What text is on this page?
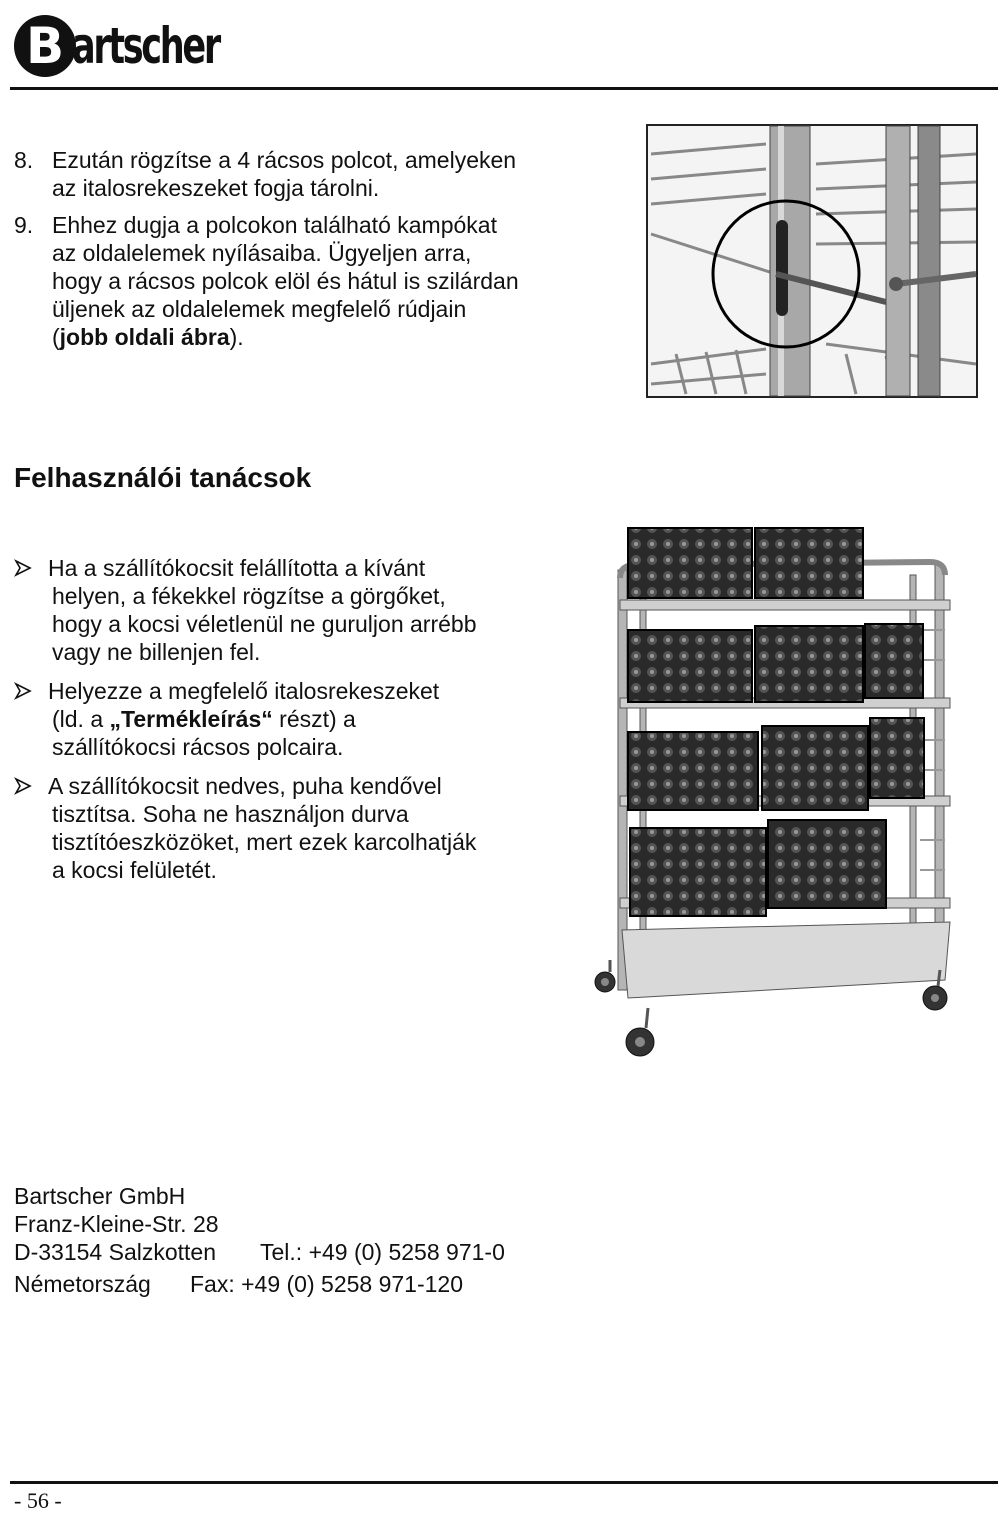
B artscher
8. Ezután rögzítse a 4 rácsos polcot, amelyeken
az italosrekeszeket fogja tárolni.
9. Ehhez dugja a polcokon található kampókat
az oldalelemek nyílásaiba. Ügyeljen arra,
hogy a rácsos polcok elöl és hátul is szilárdan
üljenek az oldalelemek megfelelő rúdjain
(jobb oldali ábra).
Felhasználói tanácsok
Ha a szállítókocsit felállította a kívánt
helyen, a fékekkel rögzítse a görgőket,
hogy a kocsi véletlenül ne guruljon arrébb
vagy ne billenjen fel.
Helyezze a megfelelő italosrekeszeket
(ld. a „Termékleírás“ részt) a
szállítókocsi rácsos polcaira.
A szállítókocsit nedves, puha kendővel
tisztítsa. Soha ne használjon durva
tisztítóeszközöket, mert ezek karcolhatják
a kocsi felületét.
Bartscher GmbH
Franz-Kleine-Str. 28
D-33154 Salzkotten	Tel.: +49 (0) 5258 971-0
Németország	Fax: +49 (0) 5258 971-120
- 56 -
